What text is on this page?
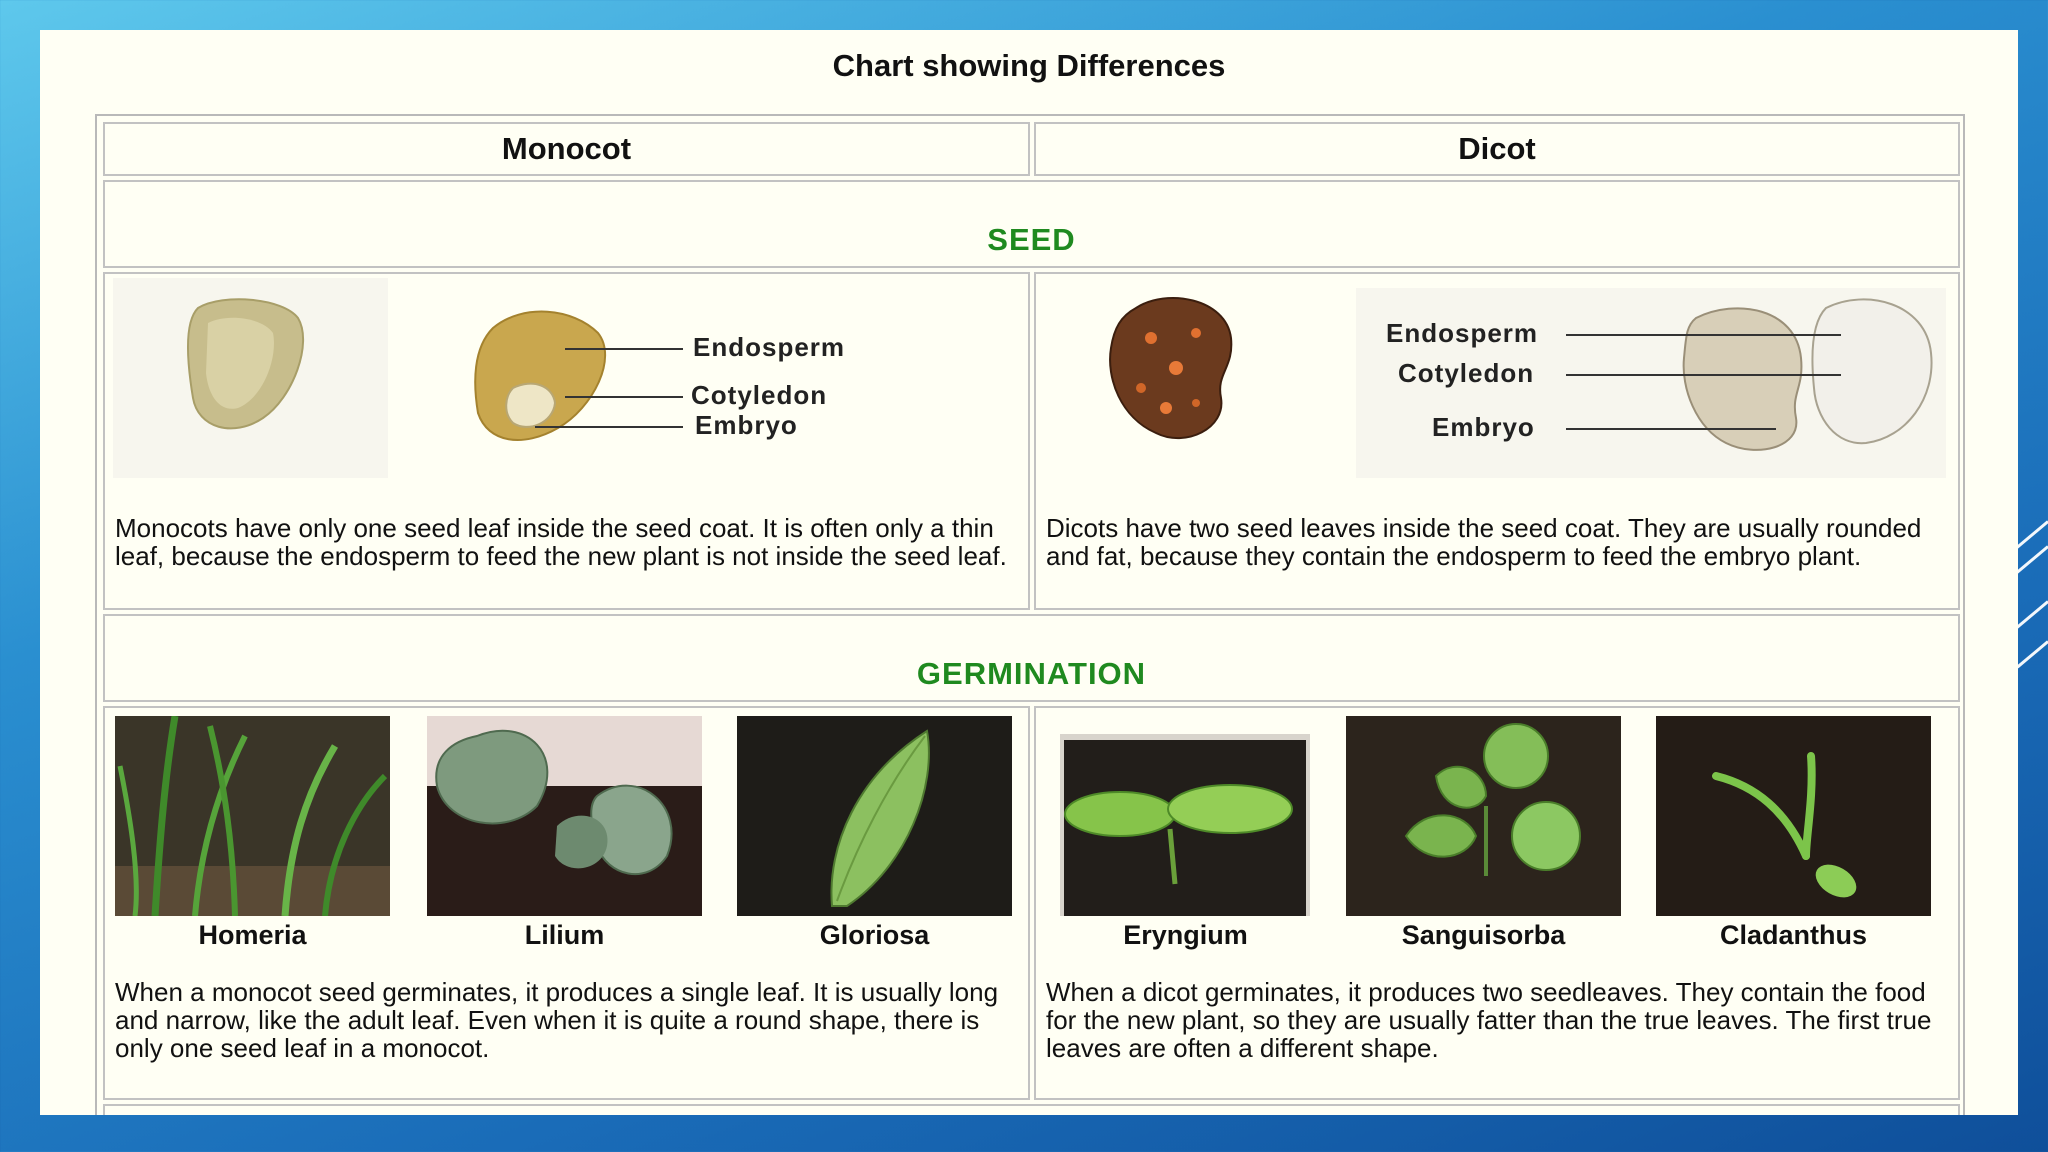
Chart showing Differences
Monocot	Dicot
SEED
Endosperm
Cotyledon
Embryo
Monocots have only one seed leaf inside the seed coat. It is often only a thin leaf, because the endosperm to feed the new plant is not inside the seed leaf.
Endosperm
Cotyledon
Embryo
Dicots have two seed leaves inside the seed coat. They are usually rounded and fat, because they contain the endosperm to feed the embryo plant.
GERMINATION
Homeria	Lilium	Gloriosa
When a monocot seed germinates, it produces a single leaf. It is usually long and narrow, like the adult leaf. Even when it is quite a round shape, there is only one seed leaf in a monocot.
Eryngium	Sanguisorba	Cladanthus
When a dicot germinates, it produces two seedleaves. They contain the food for the new plant, so they are usually fatter than the true leaves. The first true leaves are often a different shape.
